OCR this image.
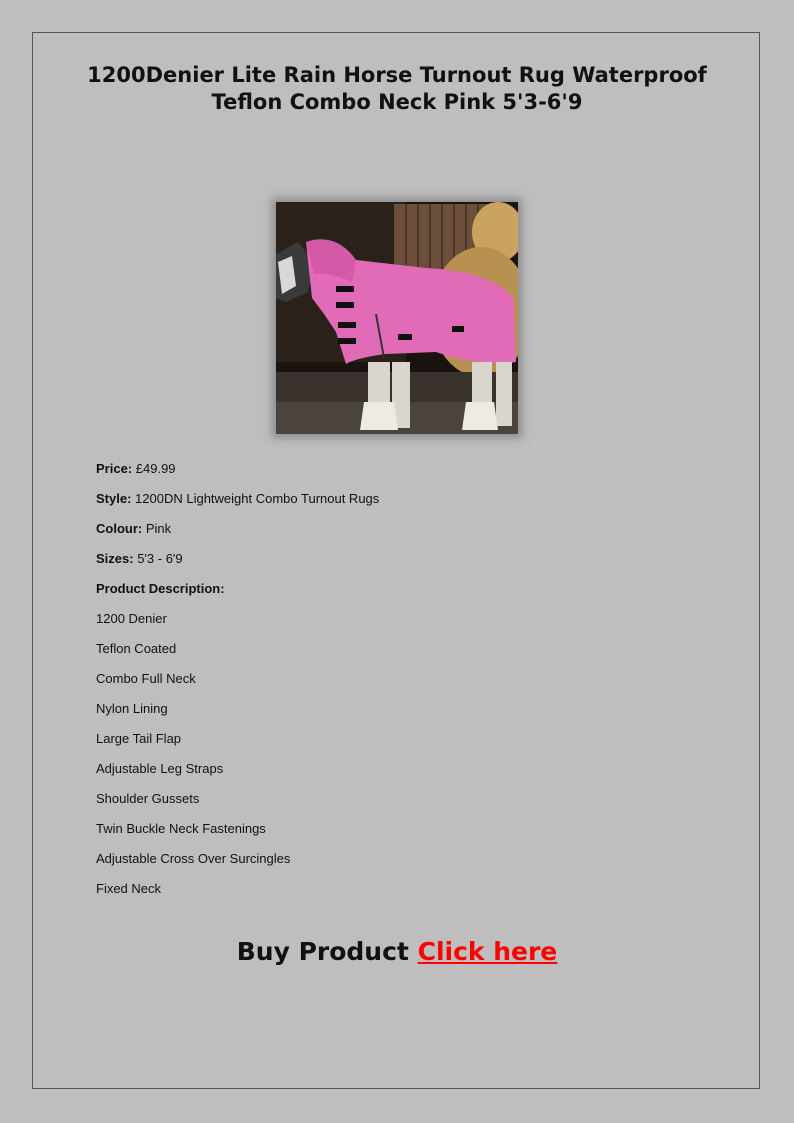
1200Denier Lite Rain Horse Turnout Rug Waterproof
Teflon Combo Neck Pink 5'3-6'9
Price: £49.99
Style: 1200DN Lightweight Combo Turnout Rugs
Colour: Pink
Sizes: 5'3 - 6'9
Product Description:
1200 Denier
Teflon Coated
Combo Full Neck
Nylon Lining
Large Tail Flap
Adjustable Leg Straps
Shoulder Gussets
Twin Buckle Neck Fastenings
Adjustable Cross Over Surcingles
Fixed Neck
Buy Product Click here
